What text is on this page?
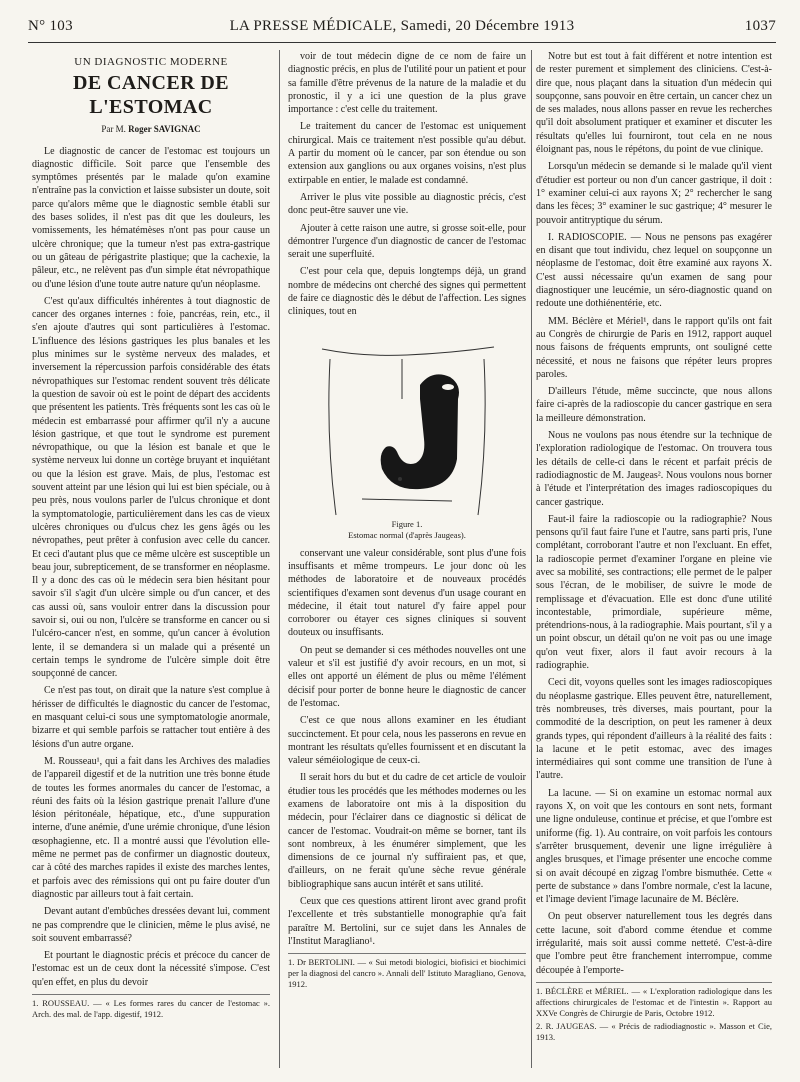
N° 103	LA PRESSE MÉDICALE, Samedi, 20 Décembre 1913	1037
UN DIAGNOSTIC MODERNE
DE CANCER DE L'ESTOMAC
Par M. Roger SAVIGNAC

Le diagnostic de cancer de l'estomac est toujours un diagnostic difficile. Soit parce que l'ensemble des symptômes présentés par le malade qu'on examine n'entraîne pas la conviction et laisse subsister un doute, soit parce qu'alors même que le diagnostic semble établi sur des bases solides, il n'est pas dit que les douleurs, les vomissements, les hématémèses n'ont pas pour cause un ulcère chronique; que la tumeur n'est pas extra-gastrique ou un gâteau de périgastrite plastique; que la cachexie, la pâleur, etc., ne relèvent pas d'un simple état névropathique ou d'une lésion d'une toute autre nature qu'un néoplasme.

C'est qu'aux difficultés inhérentes à tout diagnostic de cancer des organes internes : foie, pancréas, rein, etc., il s'en ajoute d'autres qui sont particulières à l'estomac. L'influence des lésions gastriques les plus banales et les plus minimes sur le système nerveux des malades, et inversement la répercussion parfois considérable des états névropathiques sur l'estomac rendent souvent très délicate la question de savoir où est le point de départ des accidents que présentent les patients. Très fréquents sont les cas où le médecin est embarrassé pour affirmer qu'il n'y a aucune lésion gastrique, et que tout le syndrome est purement névropathique, ou que la lésion est banale et que le système nerveux lui donne un cortège bruyant et inquiétant ou que la lésion est grave. Mais, de plus, l'estomac est souvent atteint par une lésion qui lui est bien spéciale, ou à peu près, nous voulons parler de l'ulcus chronique et dont la symptomatologie, particulièrement dans les cas de vieux ulcères chroniques ou d'ulcus chez les gens âgés ou les névropathes, peut prêter à confusion avec celle du cancer. Et ceci d'autant plus que ce même ulcère est susceptible un beau jour, subrepticement, de se transformer en néoplasme. Il y a donc des cas où le médecin sera bien hésitant pour savoir s'il s'agit d'un ulcère simple ou d'un cancer, et des cas aussi où, sans vouloir entrer dans la discussion pour savoir si, oui ou non, l'ulcère se transforme en cancer ou si l'ulcéro-cancer n'est, en somme, qu'un cancer à évolution lente, il se demandera si un malade qui a présenté un certain temps le syndrome de l'ulcère simple doit être soupçonné de cancer.

Ce n'est pas tout, on dirait que la nature s'est complue à hérisser de difficultés le diagnostic du cancer de l'estomac, en masquant celui-ci sous une symptomatologie anormale, bizarre et qui semble parfois se rattacher tout entière à des lésions d'un autre organe.

M. Rousseau¹, qui a fait dans les Archives des maladies de l'appareil digestif et de la nutrition une très bonne étude de toutes les formes anormales du cancer de l'estomac, a réuni des faits où la lésion gastrique prenait l'allure d'une lésion péritonéale, hépatique, etc., d'une suppuration interne, d'une anémie, d'une urémie chronique, d'une lésion œsophagienne, etc. Il a montré aussi que l'évolution elle-même ne permet pas de confirmer un diagnostic douteux, car à côté des marches rapides il existe des marches lentes, et parfois avec des rémissions qui ont pu faire douter d'un diagnostic par ailleurs tout à fait certain.

Devant autant d'embûches dressées devant lui, comment ne pas comprendre que le clinicien, même le plus avisé, ne soit souvent embarrassé?

Et pourtant le diagnostic précis et précoce du cancer de l'estomac est un de ceux dont la nécessité s'impose. C'est qu'en effet, en plus du devoir

1. ROUSSEAU. — « Les formes rares du cancer de l'estomac ». Arch. des mal. de l'app. digestif, 1912.

voir de tout médecin digne de ce nom de faire un diagnostic précis, en plus de l'utilité pour un patient et pour sa famille d'être prévenus de la nature de la maladie et du pronostic, il y a ici une question de la plus grave importance : c'est celle du traitement.

Le traitement du cancer de l'estomac est uniquement chirurgical. Mais ce traitement n'est possible qu'au début. A partir du moment où le cancer, par son étendue ou son extension aux ganglions ou aux organes voisins, n'est plus extirpable en entier, le malade est condamné.

Arriver le plus vite possible au diagnostic précis, c'est donc peut-être sauver une vie.

Ajouter à cette raison une autre, si grosse soit-elle, pour démontrer l'urgence d'un diagnostic de cancer de l'estomac serait une superfluité.

C'est pour cela que, depuis longtemps déjà, un grand nombre de médecins ont cherché des signes qui permettent de faire ce diagnostic dès le début de l'affection. Les signes cliniques, tout en

Figure 1.
Estomac normal (d'après Jaugeas).

conservant une valeur considérable, sont plus d'une fois insuffisants et même trompeurs. Le jour donc où les méthodes de laboratoire et de nouveaux procédés scientifiques d'examen sont devenus d'un usage courant en médecine, il était tout naturel d'y faire appel pour corroborer ou étayer ces signes cliniques si souvent douteux ou insuffisants.

On peut se demander si ces méthodes nouvelles ont une valeur et s'il est justifié d'y avoir recours, en un mot, si elles ont apporté un élément de plus ou même l'élément décisif pour porter de bonne heure le diagnostic de cancer de l'estomac.

C'est ce que nous allons examiner en les étudiant succinctement. Et pour cela, nous les passerons en revue en montrant les résultats qu'elles fournissent et en discutant la valeur séméiologique de ceux-ci.

Il serait hors du but et du cadre de cet article de vouloir étudier tous les procédés que les méthodes modernes ou les examens de laboratoire ont mis à la disposition du médecin, pour l'éclairer dans ce diagnostic si délicat de cancer de l'estomac. Voudrait-on même se borner, tant ils sont nombreux, à les énumérer simplement, que les dimensions de ce journal n'y suffiraient pas, et que, d'ailleurs, on ne ferait qu'une sèche revue générale bibliographique sans aucun intérêt et sans utilité.

Ceux que ces questions attirent liront avec grand profit l'excellente et très substantielle monographie qu'a fait paraître M. Bertolini, sur ce sujet dans les Annales de l'Institut Maragliano¹.

1. Dr BERTOLINI. — « Sui metodi biologici, biofisici et biochimici per la diagnosi del cancro ». Annali dell' Istituto Maragliano, Genova, 1912.

Notre but est tout à fait différent et notre intention est de rester purement et simplement des cliniciens. C'est-à-dire que, nous plaçant dans la situation d'un médecin qui soupçonne, sans pouvoir en être certain, un cancer chez un de ses malades, nous allons passer en revue les recherches qu'il doit absolument pratiquer et examiner et discuter les résultats qu'elles lui fourniront, tout cela en ne nous éloignant pas, nous le répétons, du point de vue clinique.

Lorsqu'un médecin se demande si le malade qu'il vient d'étudier est porteur ou non d'un cancer gastrique, il doit : 1° examiner celui-ci aux rayons X; 2° rechercher le sang dans les fèces; 3° examiner le suc gastrique; 4° mesurer le pouvoir antitryptique du sérum.

I. RADIOSCOPIE. — Nous ne pensons pas exagérer en disant que tout individu, chez lequel on soupçonne un néoplasme de l'estomac, doit être examiné aux rayons X. C'est aussi nécessaire qu'un examen de sang pour diagnostiquer une leucémie, un séro-diagnostic quand on redoute une dothiénentérie, etc.

MM. Béclère et Mériel¹, dans le rapport qu'ils ont fait au Congrès de chirurgie de Paris en 1912, rapport auquel nous faisons de fréquents emprunts, ont souligné cette nécessité, et nous ne faisons que répéter leurs propres paroles.

D'ailleurs l'étude, même succincte, que nous allons faire ci-après de la radioscopie du cancer gastrique en sera la meilleure démonstration.

Nous ne voulons pas nous étendre sur la technique de l'exploration radiologique de l'estomac. On trouvera tous les détails de celle-ci dans le récent et parfait précis de radiodiagnostic de M. Jaugeas². Nous voulons nous borner à l'étude et l'interprétation des images radioscopiques du cancer gastrique.

Faut-il faire la radioscopie ou la radiographie? Nous pensons qu'il faut faire l'une et l'autre, sans parti pris, l'une complétant, corroborant l'autre et non l'excluant. En effet, la radioscopie permet d'examiner l'organe en pleine vie avec sa mobilité, ses contractions; elle permet de le palper sous l'écran, de le mobiliser, de suivre le mode de remplissage et d'évacuation. Elle est donc d'une utilité incontestable, primordiale, supérieure même, prétendrions-nous, à la radiographie. Mais pourtant, s'il y a un point obscur, un détail qu'on ne voit pas ou une image qu'on veut fixer, alors il faut avoir recours à la radiographie.

Ceci dit, voyons quelles sont les images radioscopiques du néoplasme gastrique. Elles peuvent être, naturellement, très nombreuses, très diverses, mais pourtant, pour la commodité de la description, on peut les ramener à deux grands types, qui répondent d'ailleurs à la réalité des faits : la lacune et le petit estomac, avec des images intermédiaires qui sont comme une transition de l'une à l'autre.

La lacune. — Si on examine un estomac normal aux rayons X, on voit que les contours en sont nets, formant une ligne onduleuse, continue et précise, et que l'ombre est uniforme (fig. 1). Au contraire, on voit parfois les contours s'arrêter brusquement, devenir une ligne irrégulière à angles brusques, et l'image présenter une encoche comme si on avait découpé en zigzag l'ombre bismuthée. Cette « perte de substance » dans l'ombre normale, c'est la lacune, et l'image devient l'image lacunaire de M. Béclère.

On peut observer naturellement tous les degrés dans cette lacune, soit d'abord comme étendue et comme irrégularité, mais soit aussi comme netteté. C'est-à-dire que l'ombre peut être franchement interrompue, comme découpée à l'emporte-

1. BÉCLÈRE et MÉRIEL. — « L'exploration radiologique dans les affections chirurgicales de l'estomac et de l'intestin ». Rapport au XXVe Congrès de Chirurgie de Paris, Octobre 1912.
2. R. JAUGEAS. — « Précis de radiodiagnostic ». Masson et Cie, 1913.
